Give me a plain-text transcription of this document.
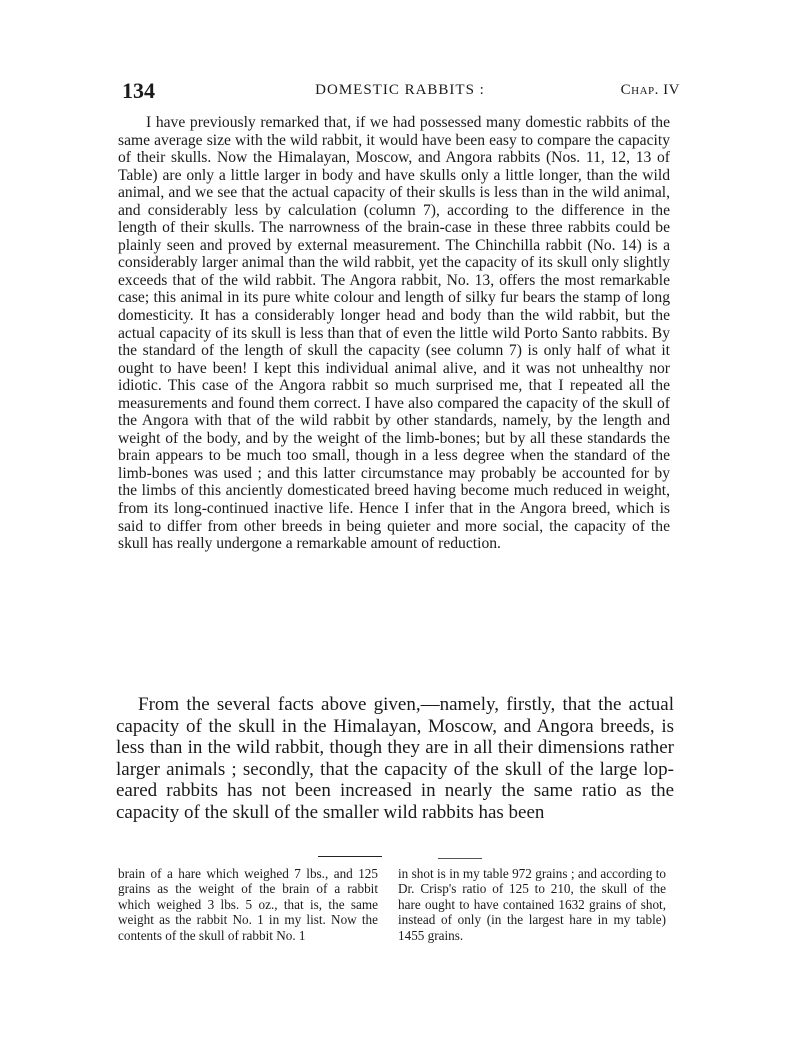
134	DOMESTIC RABBITS :	Chap. IV

I have previously remarked that, if we had possessed many domestic rabbits of the same average size with the wild rabbit, it would have been easy to compare the capacity of their skulls. Now the Himalayan, Moscow, and Angora rabbits (Nos. 11, 12, 13 of Table) are only a little larger in body and have skulls only a little longer, than the wild animal, and we see that the actual capacity of their skulls is less than in the wild animal, and considerably less by calculation (column 7), according to the difference in the length of their skulls. The narrowness of the brain-case in these three rabbits could be plainly seen and proved by external measurement. The Chinchilla rabbit (No. 14) is a considerably larger animal than the wild rabbit, yet the capacity of its skull only slightly exceeds that of the wild rabbit. The Angora rabbit, No. 13, offers the most remarkable case; this animal in its pure white colour and length of silky fur bears the stamp of long domesticity. It has a considerably longer head and body than the wild rabbit, but the actual capacity of its skull is less than that of even the little wild Porto Santo rabbits. By the standard of the length of skull the capacity (see column 7) is only half of what it ought to have been! I kept this individual animal alive, and it was not unhealthy nor idiotic. This case of the Angora rabbit so much surprised me, that I repeated all the measurements and found them correct. I have also compared the capacity of the skull of the Angora with that of the wild rabbit by other standards, namely, by the length and weight of the body, and by the weight of the limb-bones; but by all these standards the brain appears to be much too small, though in a less degree when the standard of the limb-bones was used ; and this latter circumstance may probably be accounted for by the limbs of this anciently domesticated breed having become much reduced in weight, from its long-continued inactive life. Hence I infer that in the Angora breed, which is said to differ from other breeds in being quieter and more social, the capacity of the skull has really undergone a remarkable amount of reduction.

From the several facts above given,—namely, firstly, that the actual capacity of the skull in the Himalayan, Moscow, and Angora breeds, is less than in the wild rabbit, though they are in all their dimensions rather larger animals ; secondly, that the capacity of the skull of the large lop-eared rabbits has not been increased in nearly the same ratio as the capacity of the skull of the smaller wild rabbits has been

brain of a hare which weighed 7 lbs., and 125 grains as the weight of the brain of a rabbit which weighed 3 lbs. 5 oz., that is, the same weight as the rabbit No. 1 in my list. Now the contents of the skull of rabbit No. 1

in shot is in my table 972 grains ; and according to Dr. Crisp's ratio of 125 to 210, the skull of the hare ought to have contained 1632 grains of shot, instead of only (in the largest hare in my table) 1455 grains.
